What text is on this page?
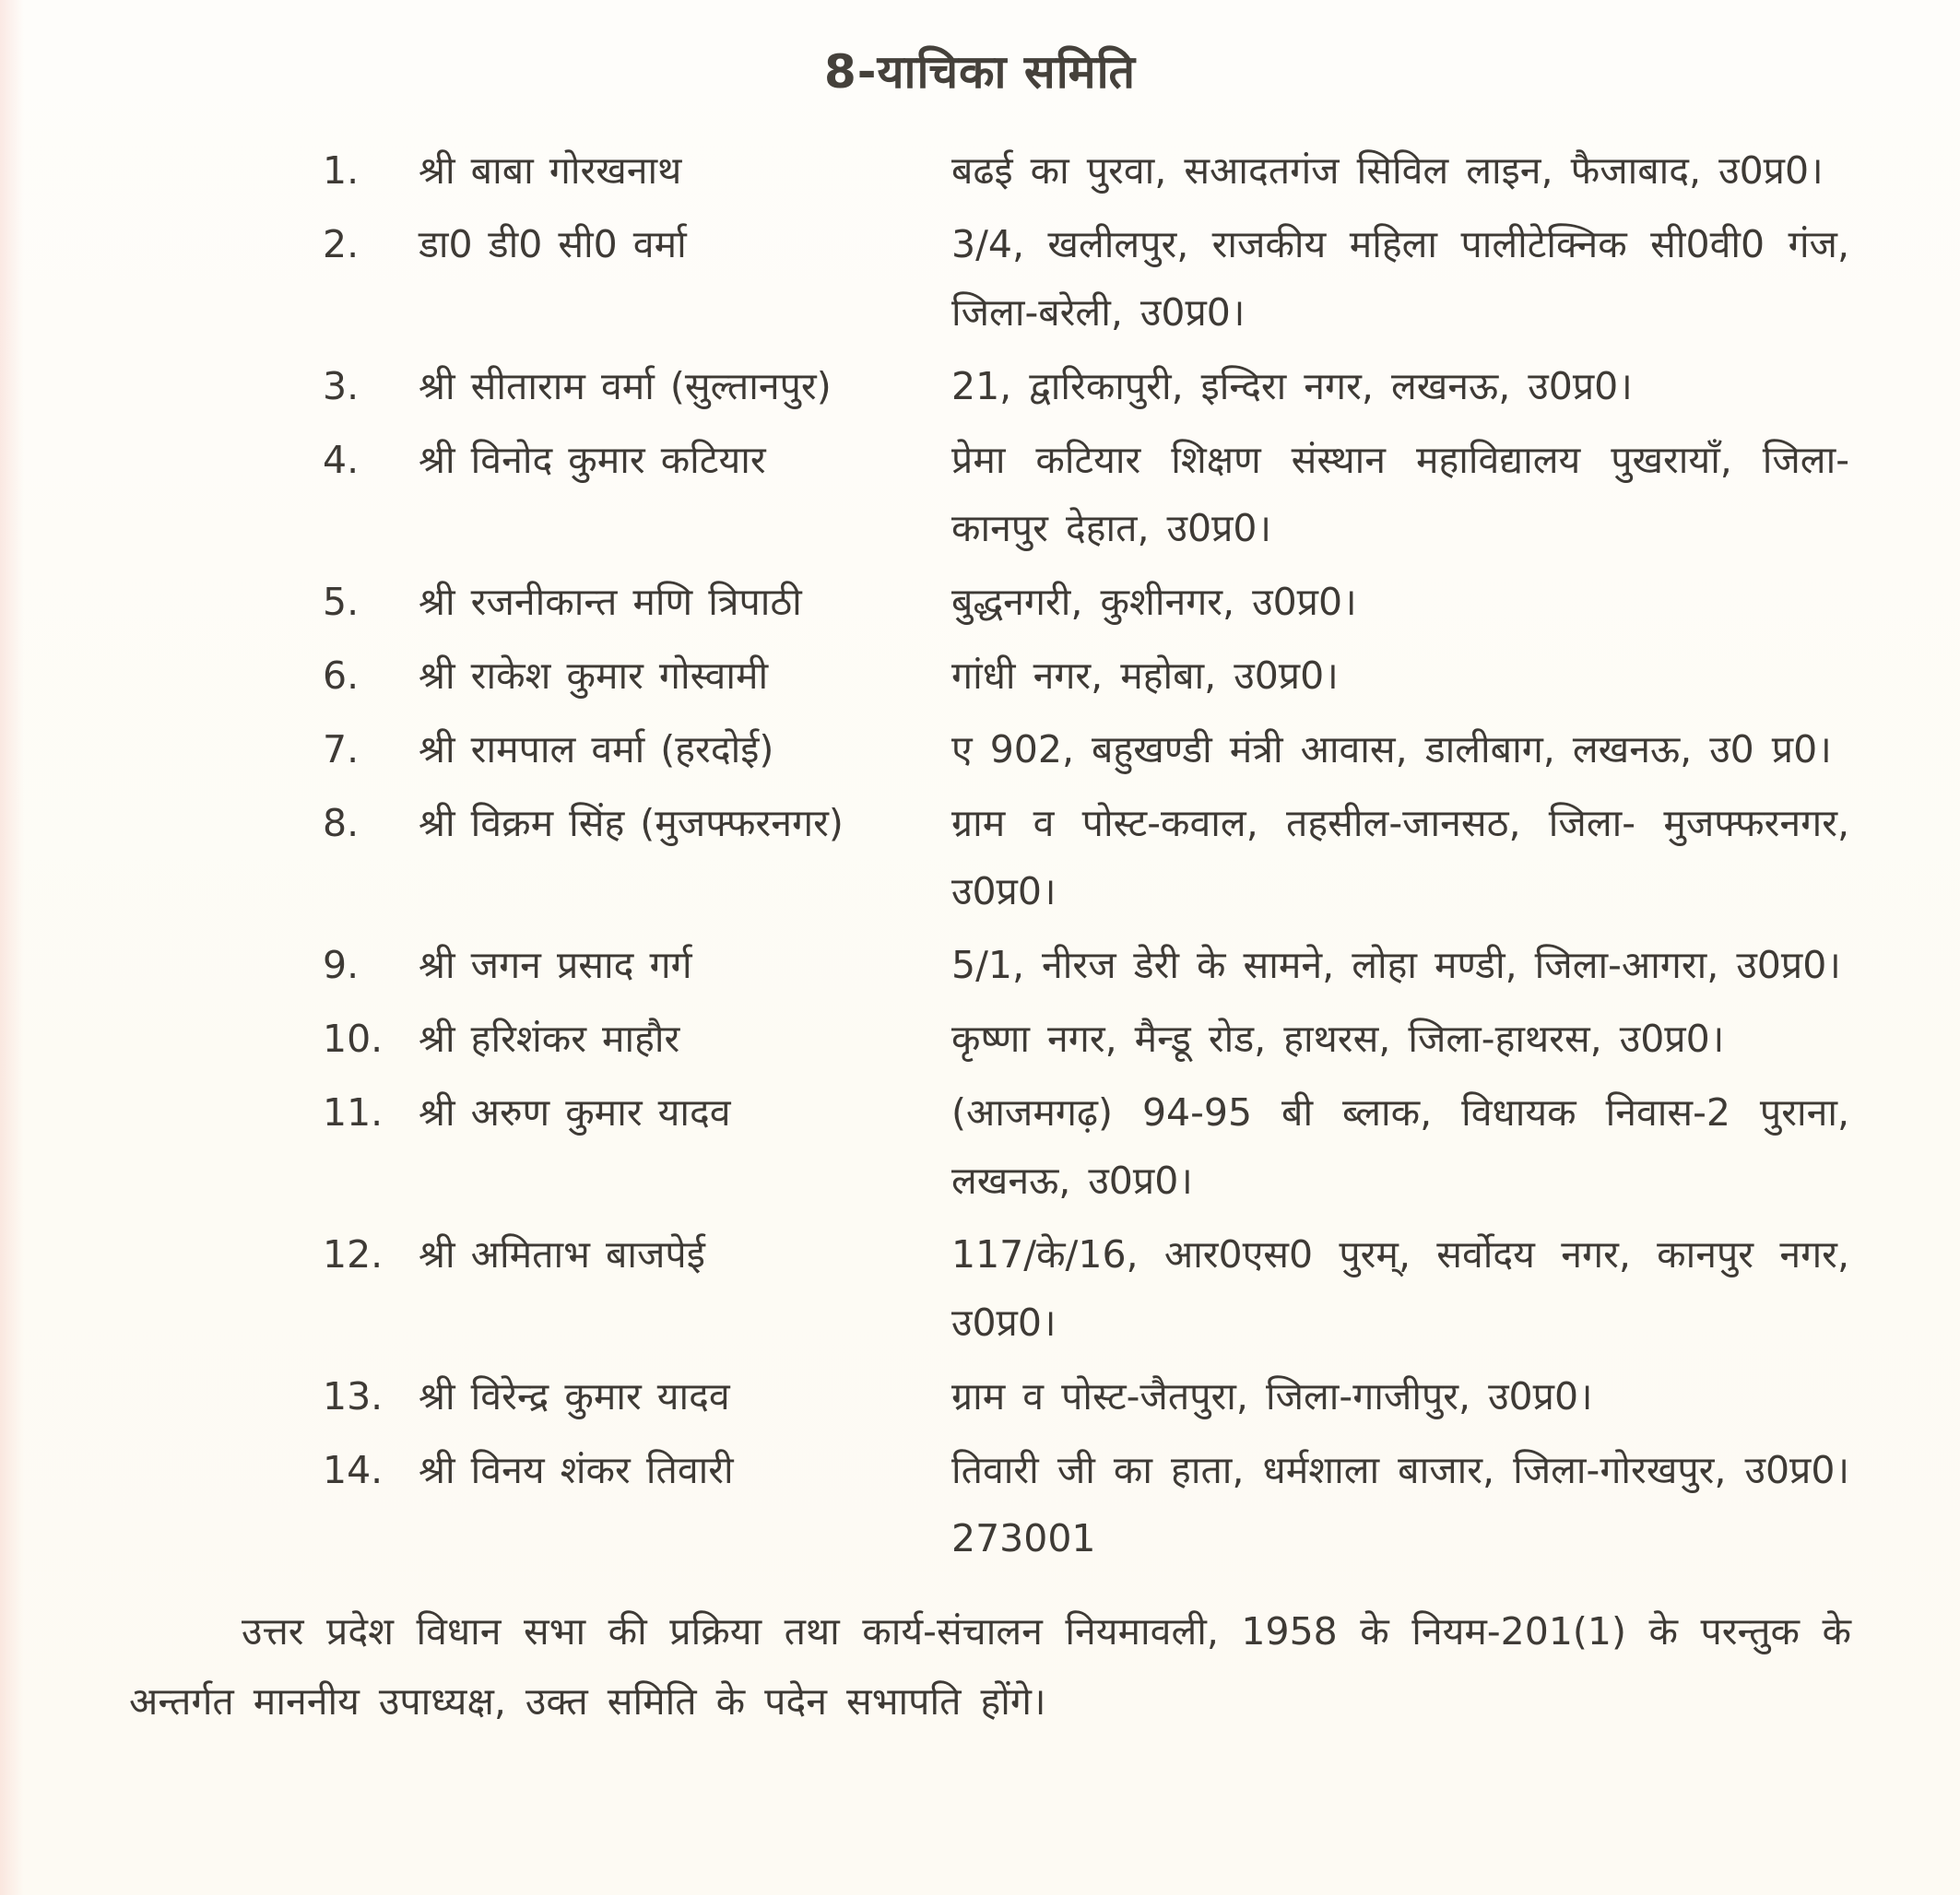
8-याचिका समिति
1.	श्री बाबा गोरखनाथ	बढई का पुरवा, सआदतगंज सिविल लाइन, फैजाबाद, उ0प्र0।
2.	डा0 डी0 सी0 वर्मा	3/4, खलीलपुर, राजकीय महिला पालीटेक्निक सी0वी0 गंज, जिला-बरेली, उ0प्र0।
3.	श्री सीताराम वर्मा (सुल्तानपुर)	21, द्वारिकापुरी, इन्दिरा नगर, लखनऊ, उ0प्र0।
4.	श्री विनोद कुमार कटियार	प्रेमा कटियार शिक्षण संस्थान महाविद्यालय पुखरायाँ, जिला-कानपुर देहात, उ0प्र0।
5.	श्री रजनीकान्त मणि त्रिपाठी	बुद्धनगरी, कुशीनगर, उ0प्र0।
6.	श्री राकेश कुमार गोस्वामी	गांधी नगर, महोबा, उ0प्र0।
7.	श्री रामपाल वर्मा (हरदोई)	ए 902, बहुखण्डी मंत्री आवास, डालीबाग, लखनऊ, उ0 प्र0।
8.	श्री विक्रम सिंह (मुजफ्फरनगर)	ग्राम व पोस्ट-कवाल, तहसील-जानसठ, जिला- मुजफ्फरनगर, उ0प्र0।
9.	श्री जगन प्रसाद गर्ग	5/1, नीरज डेरी के सामने, लोहा मण्डी, जिला-आगरा, उ0प्र0।
10. श्री हरिशंकर माहौर	कृष्णा नगर, मैन्डू रोड, हाथरस, जिला-हाथरस, उ0प्र0।
11. श्री अरुण कुमार यादव	(आजमगढ़) 94-95 बी ब्लाक, विधायक निवास-2 पुराना, लखनऊ, उ0प्र0।
12. श्री अमिताभ बाजपेई	117/के/16, आर0एस0 पुरम्, सर्वोदय नगर, कानपुर नगर, उ0प्र0।
13. श्री विरेन्द्र कुमार यादव	ग्राम व पोस्ट-जैतपुरा, जिला-गाजीपुर, उ0प्र0।
14. श्री विनय शंकर तिवारी	तिवारी जी का हाता, धर्मशाला बाजार, जिला-गोरखपुर, उ0प्र0। 273001
उत्तर प्रदेश विधान सभा की प्रक्रिया तथा कार्य-संचालन नियमावली, 1958 के नियम-201(1) के परन्तुक के अन्तर्गत माननीय उपाध्यक्ष, उक्त समिति के पदेन सभापति होंगे।
